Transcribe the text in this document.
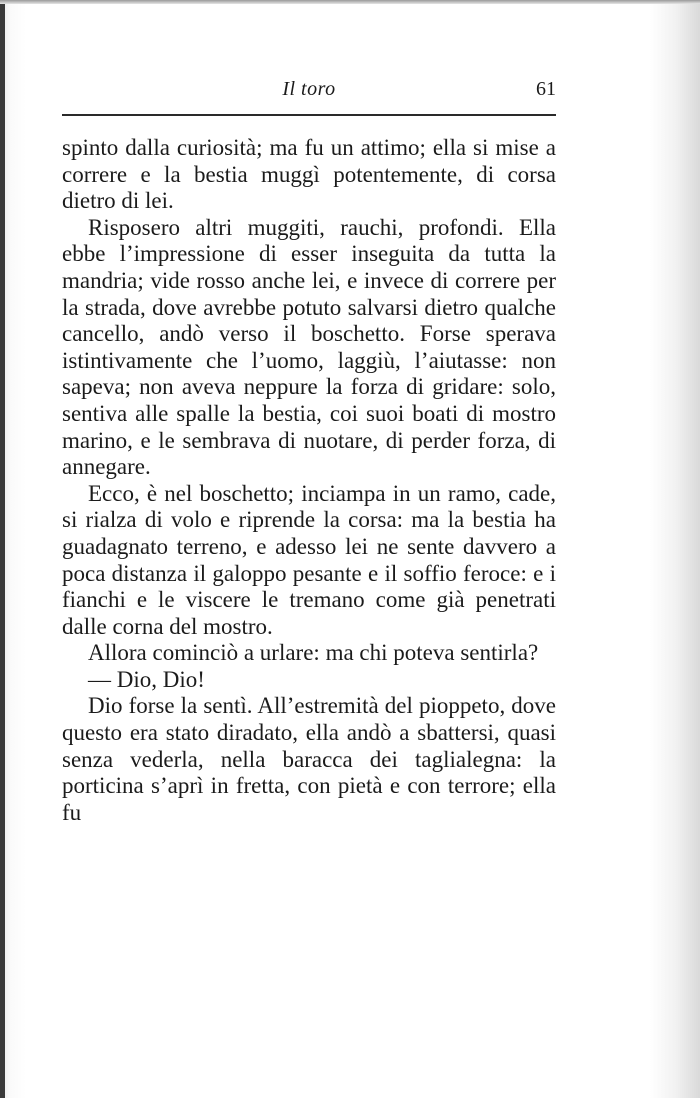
Il toro	61

spinto dalla curiosità; ma fu un attimo; ella si mise a correre e la bestia muggì potentemente, di corsa dietro di lei.

Risposero altri muggiti, rauchi, profondi. Ella ebbe l’impressione di esser inseguita da tutta la mandria; vide rosso anche lei, e invece di correre per la strada, dove avrebbe potuto salvarsi dietro qualche cancello, andò verso il boschetto. Forse sperava istintivamente che l’uomo, laggiù, l’aiutasse: non sapeva; non aveva neppure la forza di gridare: solo, sentiva alle spalle la bestia, coi suoi boati di mostro marino, e le sembrava di nuotare, di perder forza, di annegare.

Ecco, è nel boschetto; inciampa in un ramo, cade, si rialza di volo e riprende la corsa: ma la bestia ha guadagnato terreno, e adesso lei ne sente davvero a poca distanza il galoppo pesante e il soffio feroce: e i fianchi e le viscere le tremano come già penetrati dalle corna del mostro.

Allora cominciò a urlare: ma chi poteva sentirla?

— Dio, Dio!

Dio forse la sentì. All’estremità del pioppeto, dove questo era stato diradato, ella andò a sbattersi, quasi senza vederla, nella baracca dei taglialegna: la porticina s’aprì in fretta, con pietà e con terrore; ella fu
